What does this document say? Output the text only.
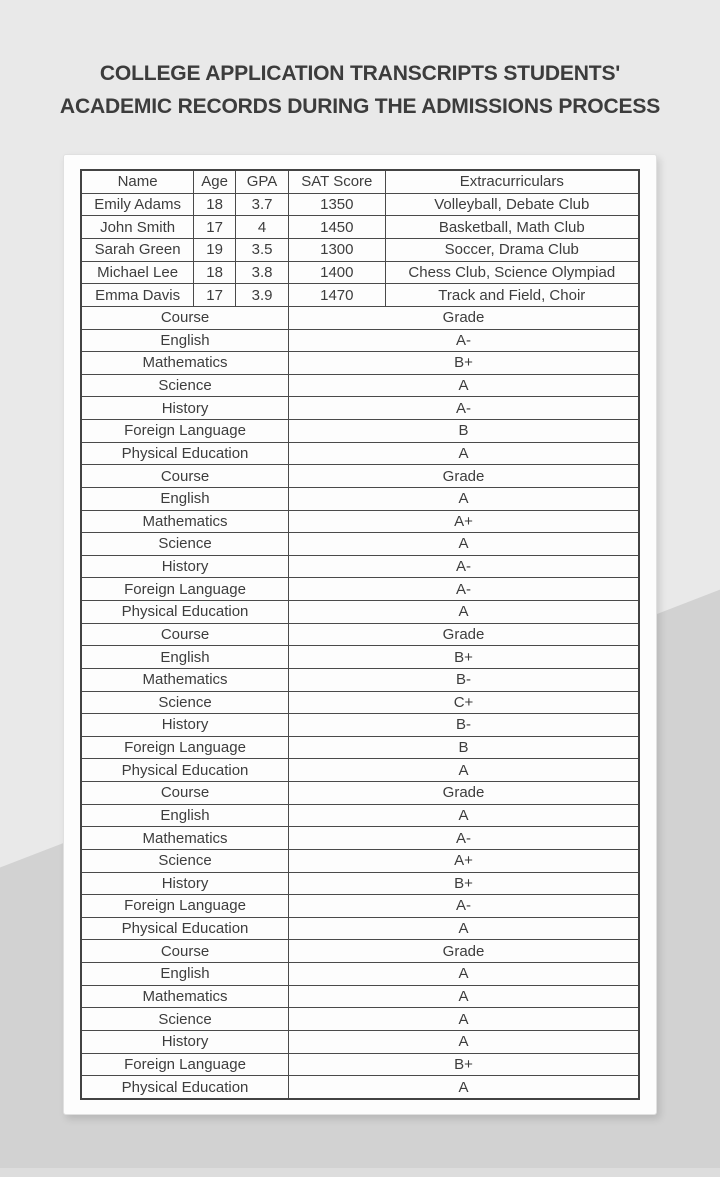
COLLEGE APPLICATION TRANSCRIPTS STUDENTS'
ACADEMIC RECORDS DURING THE ADMISSIONS PROCESS
Name	Age	GPA	SAT Score	Extracurriculars
Emily Adams	18	3.7	1350	Volleyball, Debate Club
John Smith	17	4	1450	Basketball, Math Club
Sarah Green	19	3.5	1300	Soccer, Drama Club
Michael Lee	18	3.8	1400	Chess Club, Science Olympiad
Emma Davis	17	3.9	1470	Track and Field, Choir
Course			Grade	
English			A-	
Mathematics			B+	
Science			A	
History			A-	
Foreign Language			B	
Physical Education			A	
Course			Grade	
English			A	
Mathematics			A+	
Science			A	
History			A-	
Foreign Language			A-	
Physical Education			A	
Course			Grade	
English			B+	
Mathematics			B-	
Science			C+	
History			B-	
Foreign Language			B	
Physical Education			A	
Course			Grade	
English			A	
Mathematics			A-	
Science			A+	
History			B+	
Foreign Language			A-	
Physical Education			A	
Course			Grade	
English			A	
Mathematics			A	
Science			A	
History			A	
Foreign Language			B+	
Physical Education			A	
